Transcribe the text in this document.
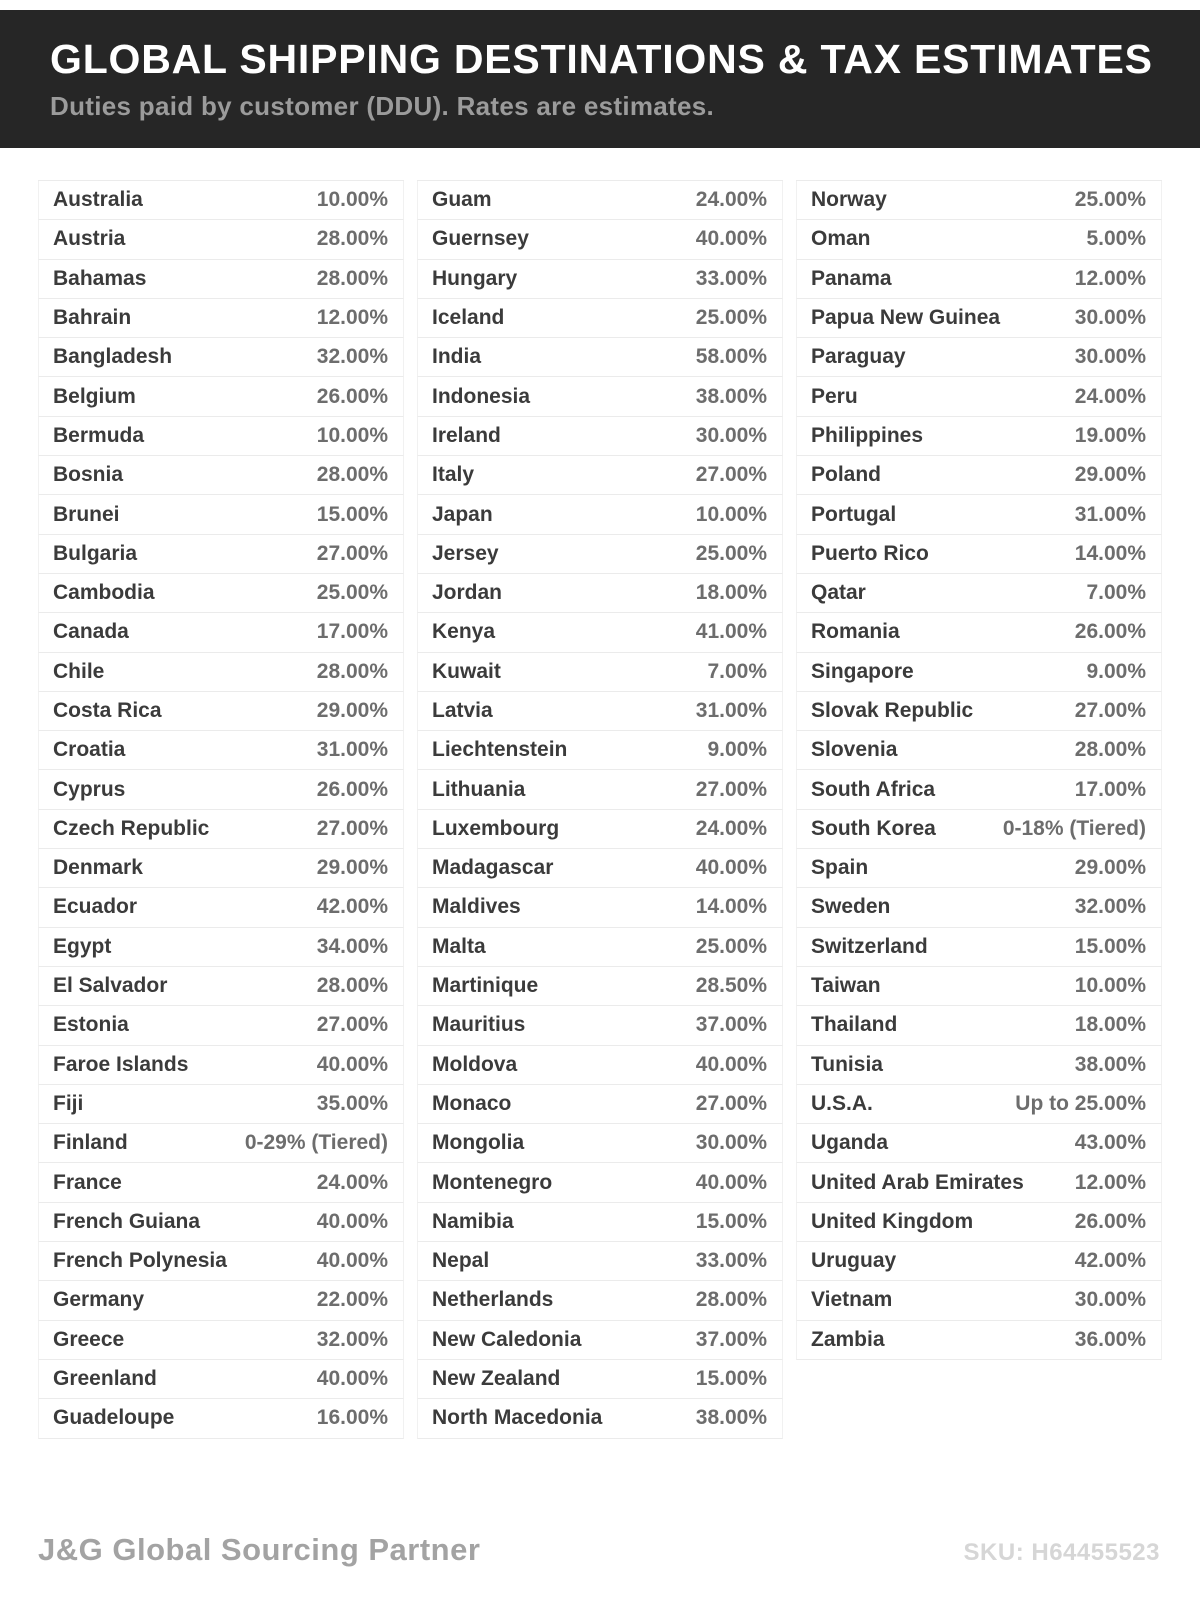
GLOBAL SHIPPING DESTINATIONS & TAX ESTIMATES
Duties paid by customer (DDU). Rates are estimates.
Australia	10.00%
Austria	28.00%
Bahamas	28.00%
Bahrain	12.00%
Bangladesh	32.00%
Belgium	26.00%
Bermuda	10.00%
Bosnia	28.00%
Brunei	15.00%
Bulgaria	27.00%
Cambodia	25.00%
Canada	17.00%
Chile	28.00%
Costa Rica	29.00%
Croatia	31.00%
Cyprus	26.00%
Czech Republic	27.00%
Denmark	29.00%
Ecuador	42.00%
Egypt	34.00%
El Salvador	28.00%
Estonia	27.00%
Faroe Islands	40.00%
Fiji	35.00%
Finland	0-29% (Tiered)
France	24.00%
French Guiana	40.00%
French Polynesia	40.00%
Germany	22.00%
Greece	32.00%
Greenland	40.00%
Guadeloupe	16.00%
Guam	24.00%
Guernsey	40.00%
Hungary	33.00%
Iceland	25.00%
India	58.00%
Indonesia	38.00%
Ireland	30.00%
Italy	27.00%
Japan	10.00%
Jersey	25.00%
Jordan	18.00%
Kenya	41.00%
Kuwait	7.00%
Latvia	31.00%
Liechtenstein	9.00%
Lithuania	27.00%
Luxembourg	24.00%
Madagascar	40.00%
Maldives	14.00%
Malta	25.00%
Martinique	28.50%
Mauritius	37.00%
Moldova	40.00%
Monaco	27.00%
Mongolia	30.00%
Montenegro	40.00%
Namibia	15.00%
Nepal	33.00%
Netherlands	28.00%
New Caledonia	37.00%
New Zealand	15.00%
North Macedonia	38.00%
Norway	25.00%
Oman	5.00%
Panama	12.00%
Papua New Guinea	30.00%
Paraguay	30.00%
Peru	24.00%
Philippines	19.00%
Poland	29.00%
Portugal	31.00%
Puerto Rico	14.00%
Qatar	7.00%
Romania	26.00%
Singapore	9.00%
Slovak Republic	27.00%
Slovenia	28.00%
South Africa	17.00%
South Korea	0-18% (Tiered)
Spain	29.00%
Sweden	32.00%
Switzerland	15.00%
Taiwan	10.00%
Thailand	18.00%
Tunisia	38.00%
U.S.A.	Up to 25.00%
Uganda	43.00%
United Arab Emirates 12.00%
United Kingdom	26.00%
Uruguay	42.00%
Vietnam	30.00%
Zambia	36.00%
J&G Global Sourcing Partner	SKU: H64455523
